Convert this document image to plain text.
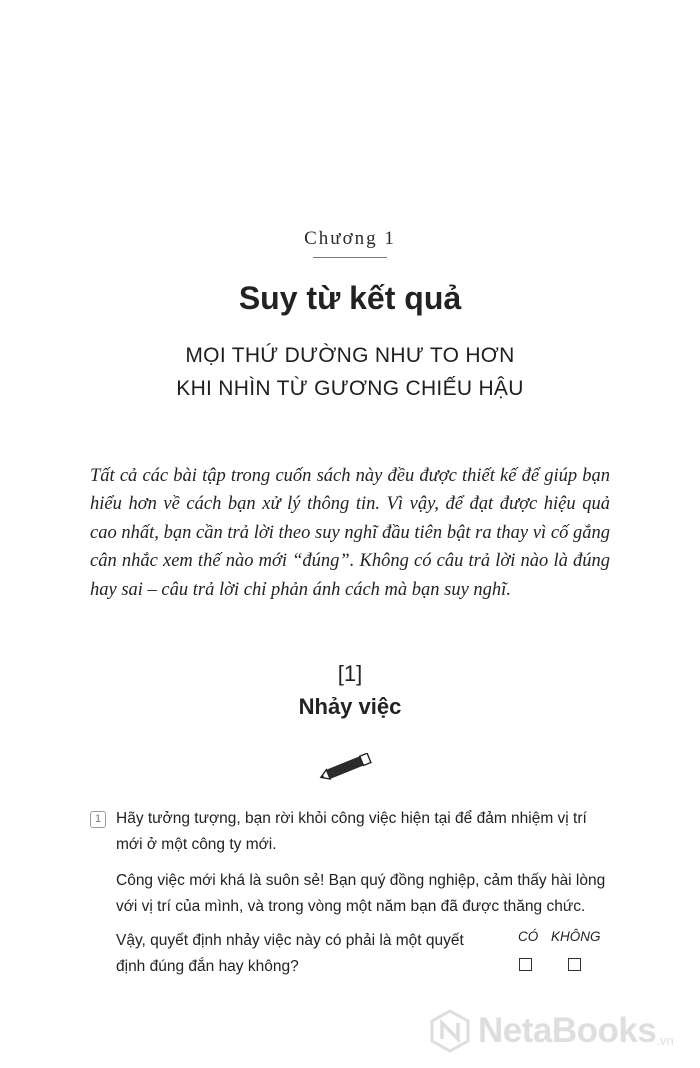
Chương 1
Suy từ kết quả
MỌI THỨ DƯỜNG NHƯ TO HƠN
KHI NHÌN TỪ GƯƠNG CHIẾU HẬU
Tất cả các bài tập trong cuốn sách này đều được thiết kế để giúp bạn hiểu hơn về cách bạn xử lý thông tin. Vì vậy, để đạt được hiệu quả cao nhất, bạn cần trả lời theo suy nghĩ đầu tiên bật ra thay vì cố gắng cân nhắc xem thế nào mới “đúng”. Không có câu trả lời nào là đúng hay sai – câu trả lời chỉ phản ánh cách mà bạn suy nghĩ.
[1]
Nhảy việc
1 Hãy tưởng tượng, bạn rời khỏi công việc hiện tại để đảm nhiệm vị trí mới ở một công ty mới.
Công việc mới khá là suôn sẻ! Bạn quý đồng nghiệp, cảm thấy hài lòng với vị trí của mình, và trong vòng một năm bạn đã được thăng chức.
Vậy, quyết định nhảy việc này có phải là một quyết định đúng đắn hay không?
CÓ KHÔNG
NetaBooks .vn
